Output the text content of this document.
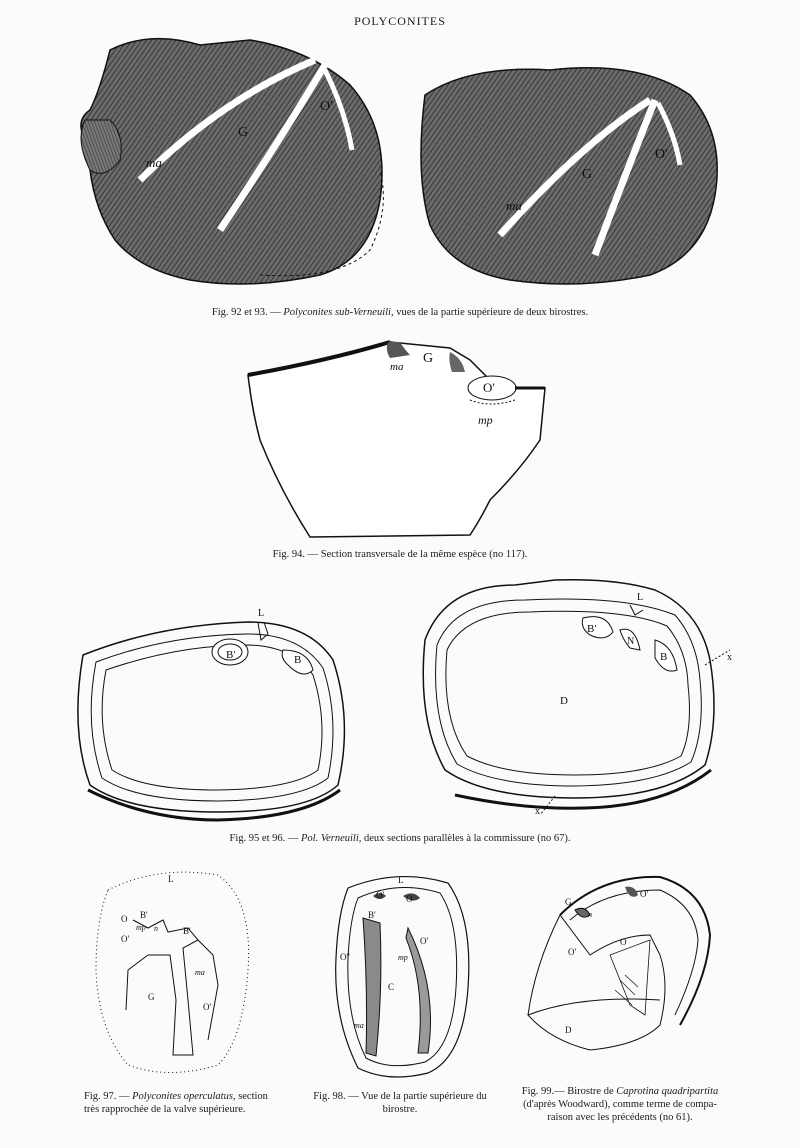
POLYCONITES
ma
G
O'
ma
G
O'
Fig. 92 et 93. — Polyconites sub-Verneuili, vues de la partie supérieure de deux birostres.
ma
G
O'
mp
Fig. 94. — Section transversale de la même espèce (no 117).
L
B'	B
L
B'
N
B
D
x
x
Fig. 95 et 96. — Pol. Verneuili, deux sections parallèles à la commissure (no 67).
L
O B'
mp n	B'
O'
G
ma
O'
Fig. 97. — Polyconites operculatus, section
très rapprochée de la valve supérieure.
L
O' O
B'
O'
mp
O''
C
ma
Fig. 98. — Vue de la partie supérieure du
birostre.
G
O'
n
O'
O
D
Fig. 99.— Birostre de Caprotina quadripartita
(d'après Woodward), comme terme de compa-
raison avec les précédents (no 61).
